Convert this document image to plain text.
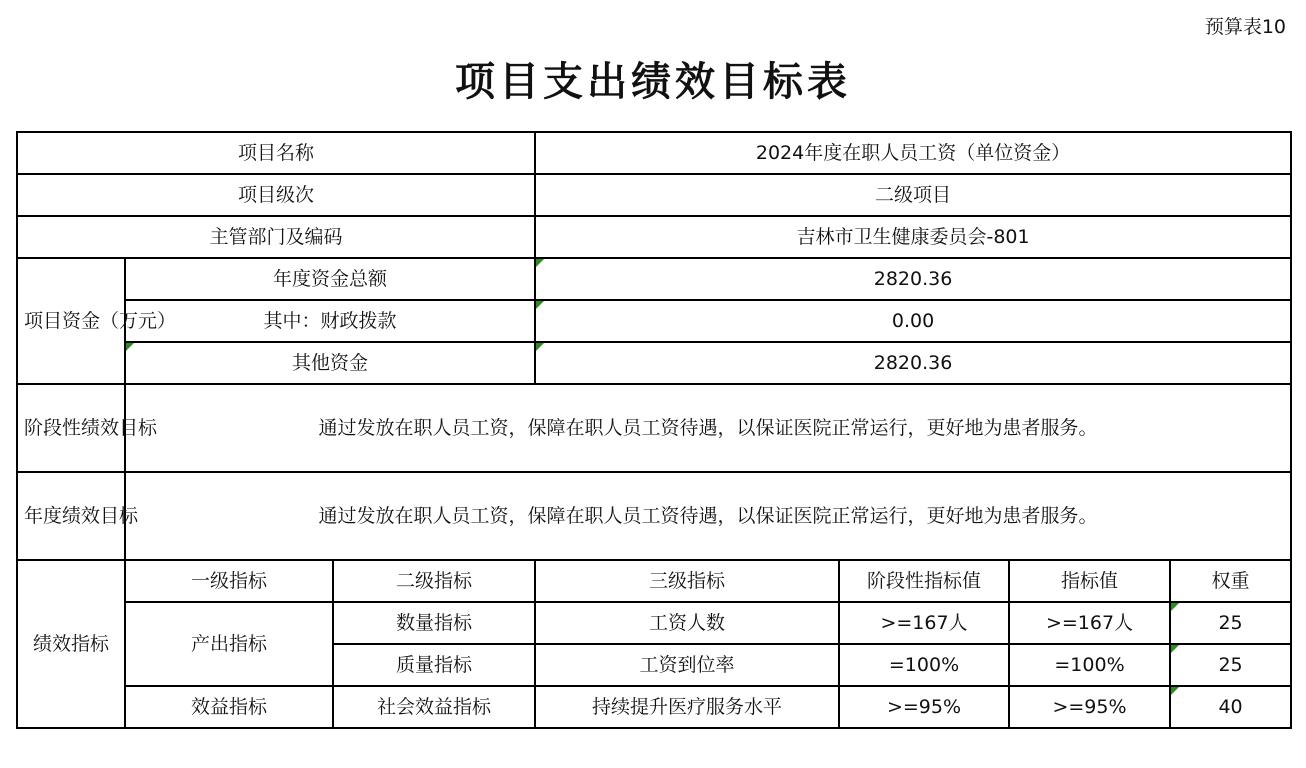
预算表10
项目支出绩效目标表
项目名称			2024年度在职人员工资（单位资金）			
项目级次			二级项目			
主管部门及编码			吉林市卫生健康委员会-801			
项目资金（万元）	年度资金总额		2820.36			
	其中：财政拨款		0.00			
	其他资金		2820.36			
阶段性绩效目标	通过发放在职人员工资，保障在职人员工资待遇，以保证医院正常运行，更好地为患者服务。					
年度绩效目标	通过发放在职人员工资，保障在职人员工资待遇，以保证医院正常运行，更好地为患者服务。					
绩效指标	一级指标	二级指标	三级指标	阶段性指标值	指标值	权重
	产出指标	数量指标	工资人数	>=167人	>=167人	25
		质量指标	工资到位率	=100%	=100%	25
	效益指标	社会效益指标	持续提升医疗服务水平	>=95%	>=95%	40
